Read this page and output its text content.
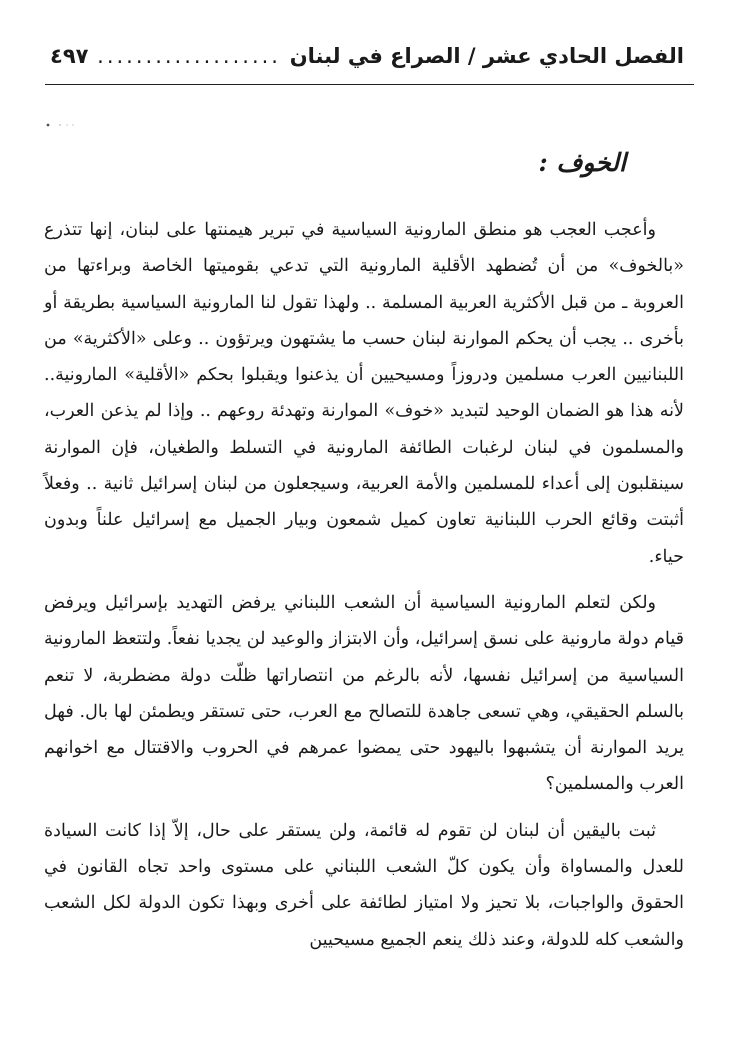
الفصل الحادي عشر / الصراع في لبنان
...................
٤٩٧
الخوف :

وأعجب العجب هو منطق المارونية السياسية في تبرير هيمنتها على لبنان، إنها تتذرع «بالخوف» من أن تُضطهد الأقلية المارونية التي تدعي بقوميتها الخاصة وبراءتها من العروبة ـ من قبل الأكثرية العربية المسلمة .. ولهذا تقول لنا المارونية السياسية بطريقة أو بأخرى .. يجب أن يحكم الموارنة لبنان حسب ما يشتهون ويرتؤون .. وعلى «الأكثرية» من اللبنانيين العرب مسلمين ودروزاً ومسيحيين أن يذعنوا ويقبلوا بحكم «الأقلية» المارونية.. لأنه هذا هو الضمان الوحيد لتبديد «خوف» الموارنة وتهدئة روعهم .. وإذا لم يذعن العرب، والمسلمون في لبنان لرغبات الطائفة المارونية في التسلط والطغيان، فإن الموارنة سينقلبون إلى أعداء للمسلمين والأمة العربية، وسيجعلون من لبنان إسرائيل ثانية .. وفعلاً أثبتت وقائع الحرب اللبنانية تعاون كميل شمعون وبيار الجميل مع إسرائيل علناً وبدون حياء.

ولكن لتعلم المارونية السياسية أن الشعب اللبناني يرفض التهديد بإسرائيل ويرفض قيام دولة مارونية على نسق إسرائيل، وأن الابتزاز والوعيد لن يجديا نفعاً. ولتتعظ المارونية السياسية من إسرائيل نفسها، لأنه بالرغم من انتصاراتها ظلّت دولة مضطربة، لا تنعم بالسلم الحقيقي، وهي تسعى جاهدة للتصالح مع العرب، حتى تستقر ويطمئن لها بال. فهل يريد الموارنة أن يتشبهوا باليهود حتى يمضوا عمرهم في الحروب والاقتتال مع اخوانهم العرب والمسلمين؟

ثبت باليقين أن لبنان لن تقوم له قائمة، ولن يستقر على حال، إلاّ إذا كانت السيادة للعدل والمساواة وأن يكون كلّ الشعب اللبناني على مستوى واحد تجاه القانون في الحقوق والواجبات، بلا تحيز ولا امتياز لطائفة على أخرى وبهذا تكون الدولة لكل الشعب والشعب كله للدولة، وعند ذلك ينعم الجميع مسيحيين
